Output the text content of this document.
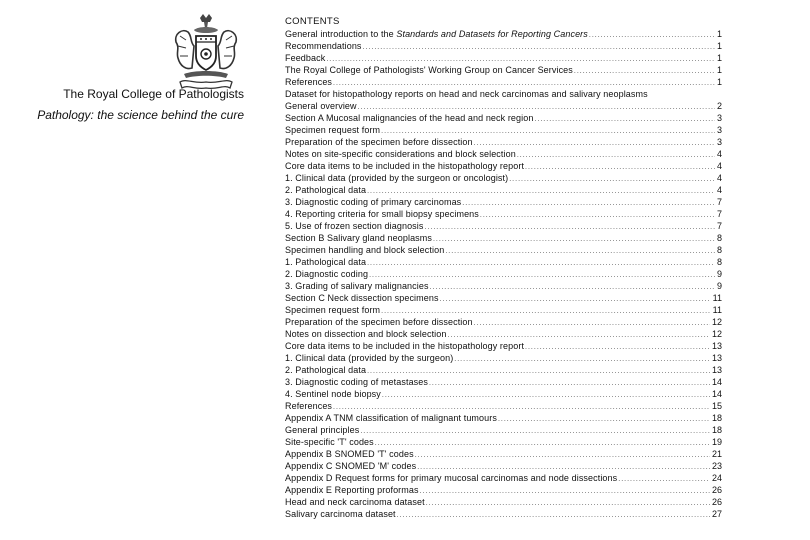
The Royal College of Pathologists
Pathology: the science behind the cure
CONTENTS
General introduction to the Standards and Datasets for Reporting Cancers .....	1
Recommendations .....	1
Feedback .....	1
The Royal College of Pathologists' Working Group on Cancer Services .....	1
References .....	1
Dataset for histopathology reports on head and neck carcinomas and salivary neoplasms
General overview .....	2
Section A Mucosal malignancies of the head and neck region .....	3
Specimen request form .....	3
Preparation of the specimen before dissection .....	3
Notes on site-specific considerations and block selection .....	4
Core data items to be included in the histopathology report .....	4
1. Clinical data (provided by the surgeon or oncologist) .....	4
2. Pathological data .....	4
3. Diagnostic coding of primary carcinomas .....	7
4. Reporting criteria for small biopsy specimens .....	7
5. Use of frozen section diagnosis .....	7
Section B Salivary gland neoplasms .....	8
Specimen handling and block selection .....	8
1. Pathological data .....	8
2. Diagnostic coding .....	9
3. Grading of salivary malignancies .....	9
Section C Neck dissection specimens .....	11
Specimen request form .....	11
Preparation of the specimen before dissection .....	12
Notes on dissection and block selection .....	12
Core data items to be included in the histopathology report .....	13
1. Clinical data (provided by the surgeon) .....	13
2. Pathological data .....	13
3. Diagnostic coding of metastases .....	14
4. Sentinel node biopsy .....	14
References .....	15
Appendix A TNM classification of malignant tumours .....	18
General principles .....	18
Site-specific 'T' codes .....	19
Appendix B SNOMED 'T' codes .....	21
Appendix C SNOMED 'M' codes .....	23
Appendix D Request forms for primary mucosal carcinomas and node dissections .....	24
Appendix E Reporting proformas .....	26
Head and neck carcinoma dataset .....	26
Salivary carcinoma dataset .....	27
